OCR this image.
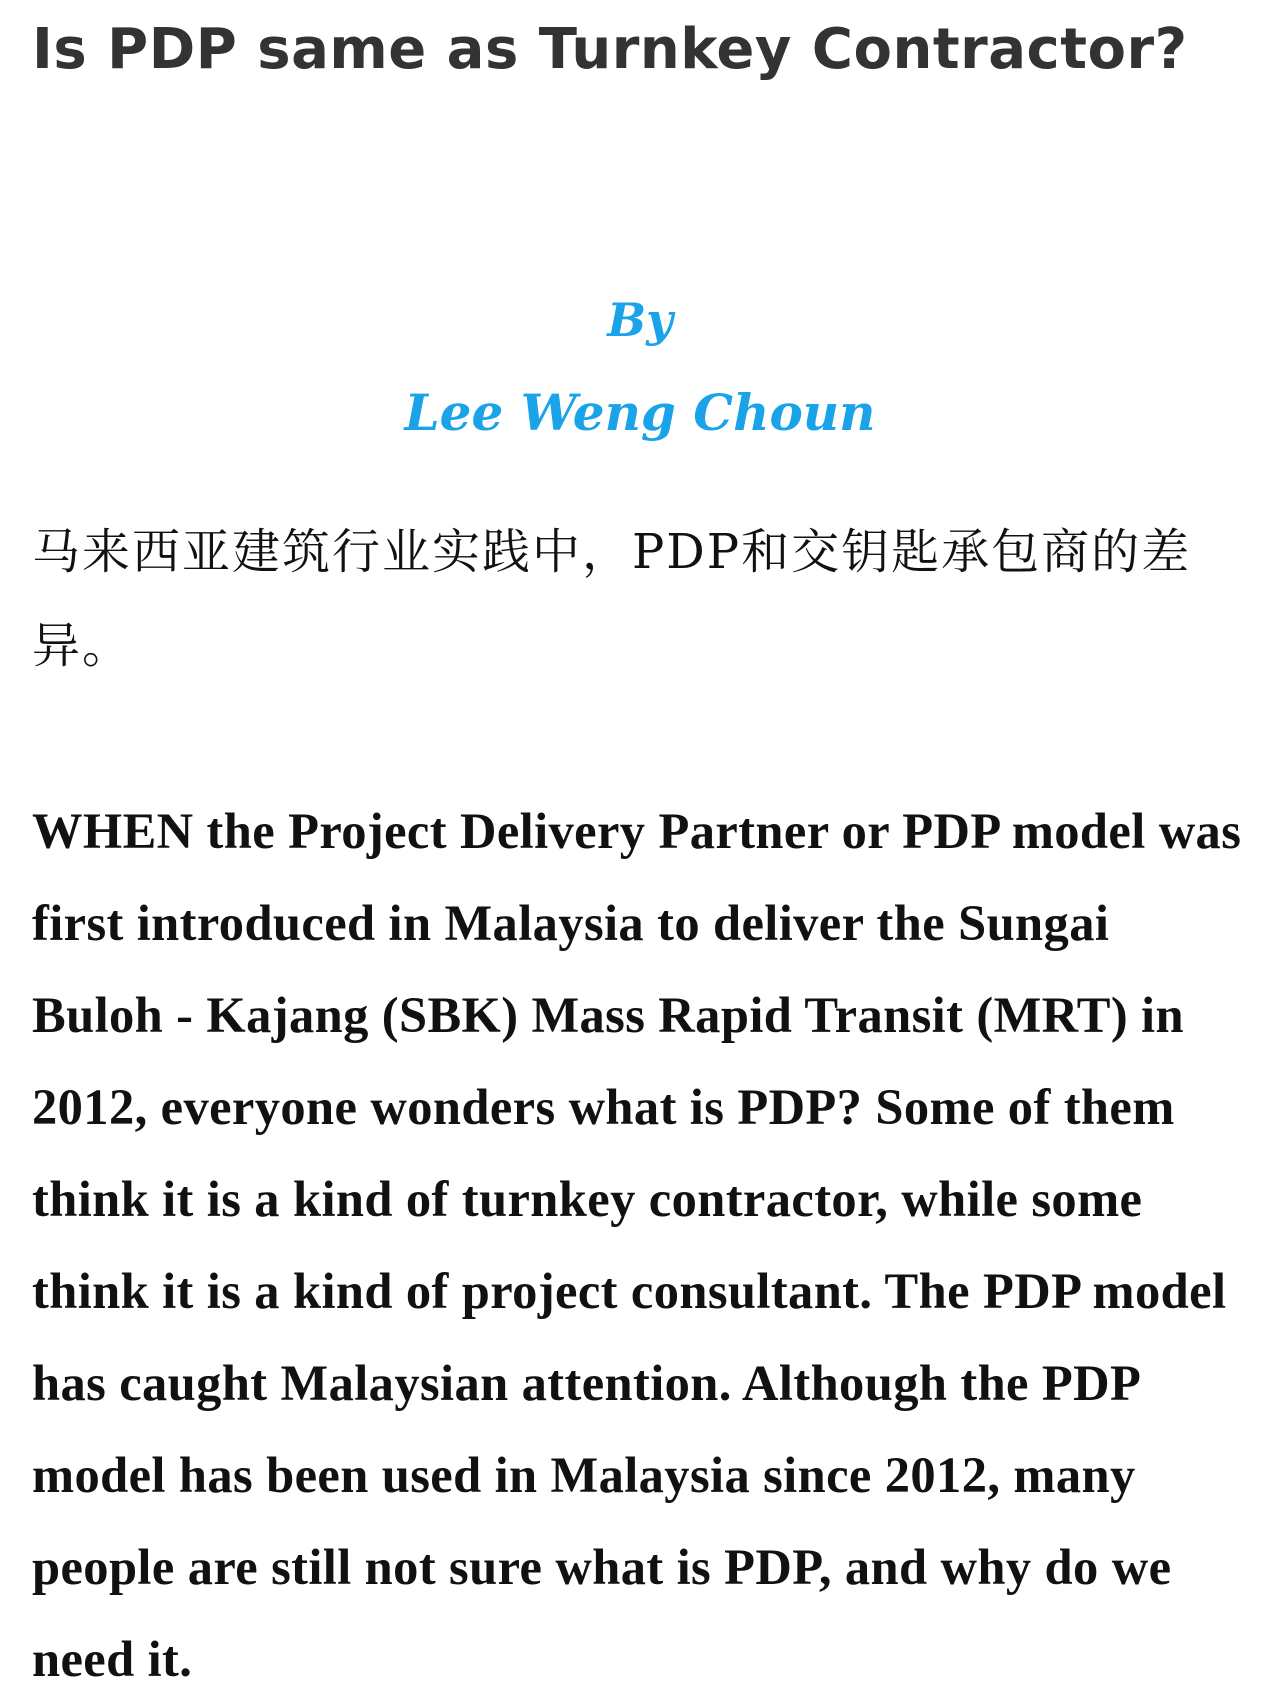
Is PDP same as Turnkey Contractor?

By

Lee Weng Choun

马来西亚建筑行业实践中，PDP和交钥匙承包商的差异。

WHEN the Project Delivery Partner or PDP model was first introduced in Malaysia to deliver the Sungai Buloh - Kajang (SBK) Mass Rapid Transit (MRT) in 2012, everyone wonders what is PDP? Some of them think it is a kind of turnkey contractor, while some think it is a kind of project consultant. The PDP model has caught Malaysian attention. Although the PDP model has been used in Malaysia since 2012, many people are still not sure what is PDP, and why do we need it.
